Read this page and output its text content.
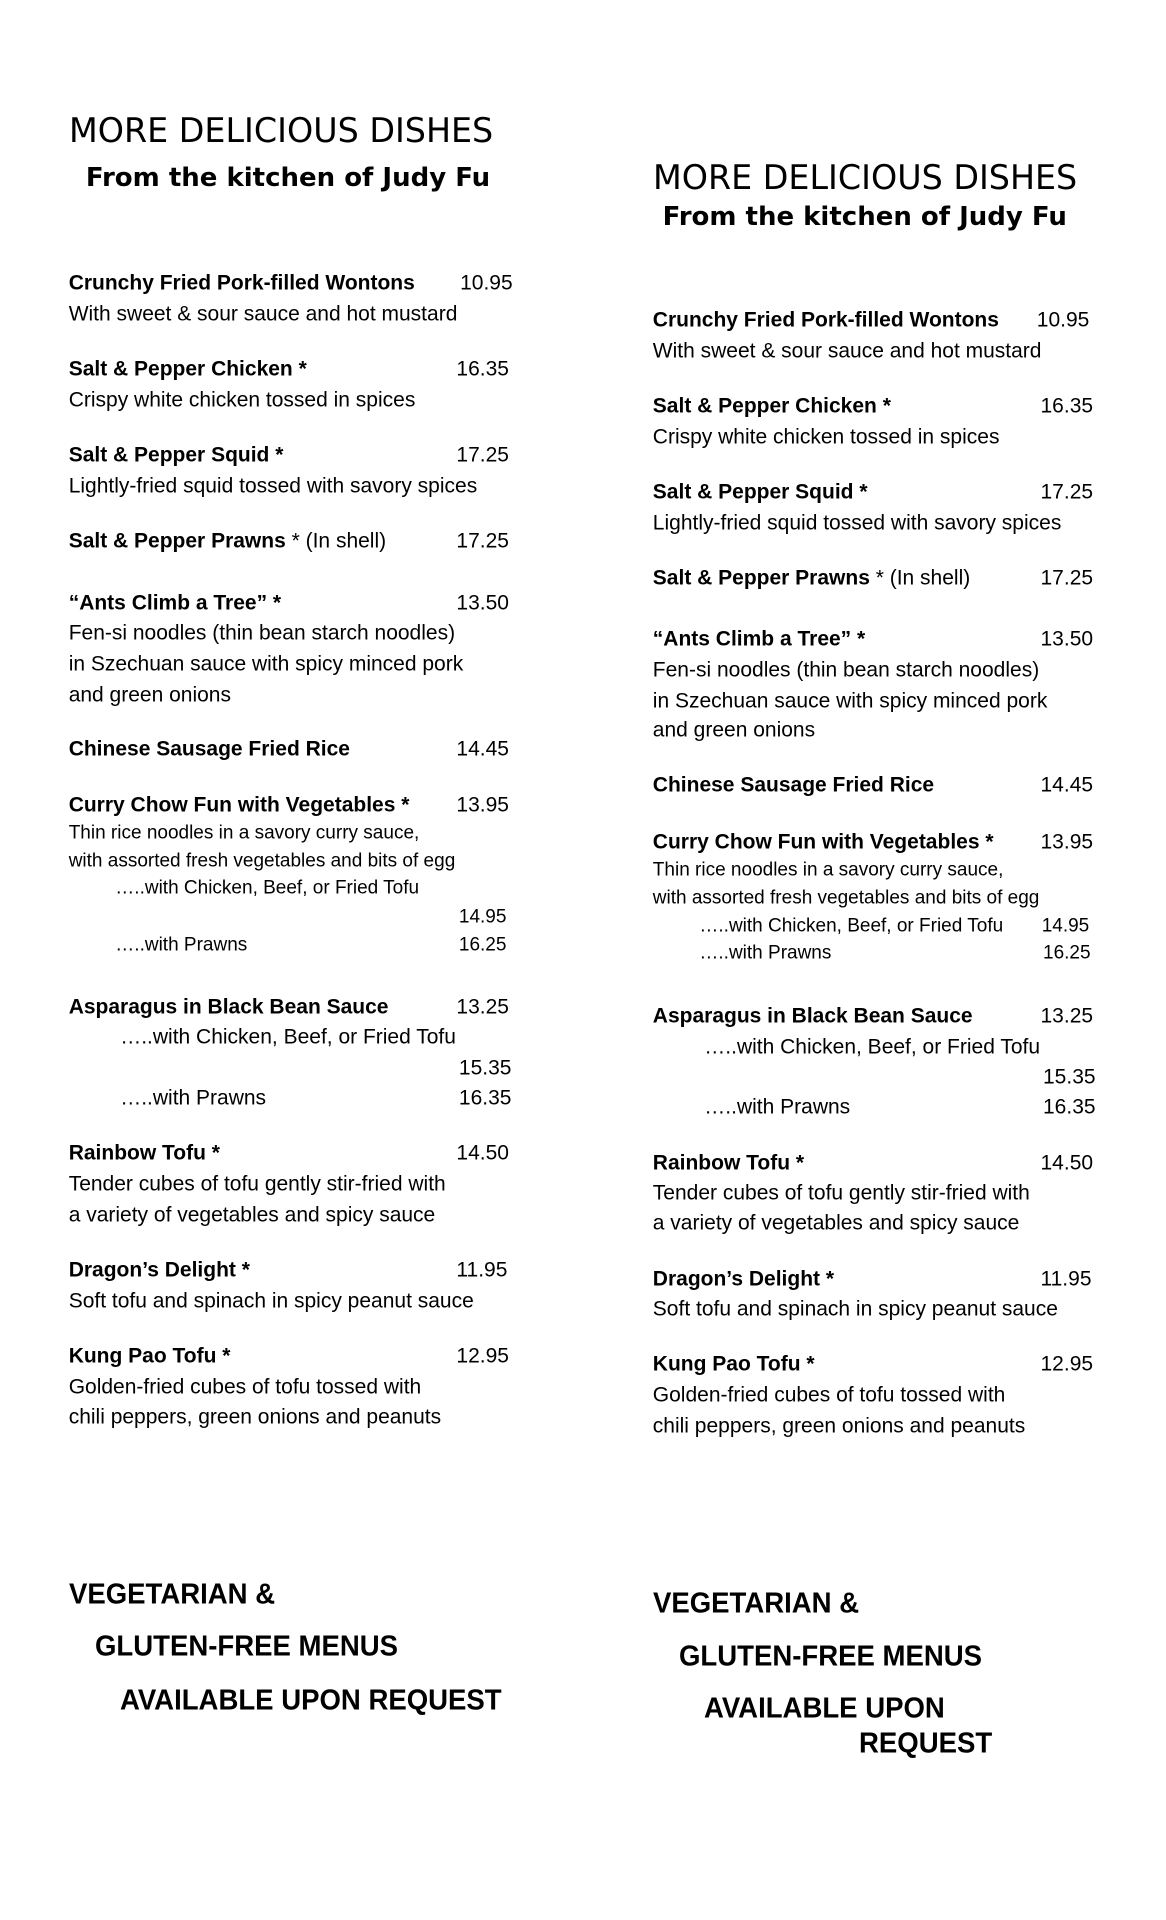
MORE DELICIOUS DISHES
From the kitchen of Judy Fu
Crunchy Fried Pork-filled Wontons 10.95
With sweet & sour sauce and hot mustard
Salt & Pepper Chicken *	16.35
Crispy white chicken tossed in spices
Salt & Pepper Squid *	17.25
Lightly-fried squid tossed with savory spices
Salt & Pepper Prawns * (In shell)	17.25
“Ants Climb a Tree” *	13.50
Fen-si noodles (thin bean starch noodles)
in Szechuan sauce with spicy minced pork
and green onions
Chinese Sausage Fried Rice	14.45
Curry Chow Fun with Vegetables * 13.95
Thin rice noodles in a savory curry sauce,
with assorted fresh vegetables and bits of egg
…..with Chicken, Beef, or Fried Tofu
14.95
…..with Prawns	16.25
Asparagus in Black Bean Sauce	13.25
…..with Chicken, Beef, or Fried Tofu
15.35
…..with Prawns	16.35
Rainbow Tofu *	14.50
Tender cubes of tofu gently stir-fried with
a variety of vegetables and spicy sauce
Dragon’s Delight *	11.95
Soft tofu and spinach in spicy peanut sauce
Kung Pao Tofu *	12.95
Golden-fried cubes of tofu tossed with
chili peppers, green onions and peanuts
VEGETARIAN &
GLUTEN-FREE MENUS
AVAILABLE UPON REQUEST
MORE DELICIOUS DISHES
From the kitchen of Judy Fu
Crunchy Fried Pork-filled Wontons 10.95
With sweet & sour sauce and hot mustard
Salt & Pepper Chicken *	16.35
Crispy white chicken tossed in spices
Salt & Pepper Squid *	17.25
Lightly-fried squid tossed with savory spices
Salt & Pepper Prawns * (In shell)	17.25
“Ants Climb a Tree” *	13.50
Fen-si noodles (thin bean starch noodles)
in Szechuan sauce with spicy minced pork
and green onions
Chinese Sausage Fried Rice	14.45
Curry Chow Fun with Vegetables * 13.95
Thin rice noodles in a savory curry sauce,
with assorted fresh vegetables and bits of egg
…..with Chicken, Beef, or Fried Tofu 14.95
…..with Prawns	16.25
Asparagus in Black Bean Sauce	13.25
…..with Chicken, Beef, or Fried Tofu
15.35
…..with Prawns	16.35
Rainbow Tofu *	14.50
Tender cubes of tofu gently stir-fried with
a variety of vegetables and spicy sauce
Dragon’s Delight *	11.95
Soft tofu and spinach in spicy peanut sauce
Kung Pao Tofu *	12.95
Golden-fried cubes of tofu tossed with
chili peppers, green onions and peanuts
VEGETARIAN &
GLUTEN-FREE MENUS
AVAILABLE UPON
REQUEST
